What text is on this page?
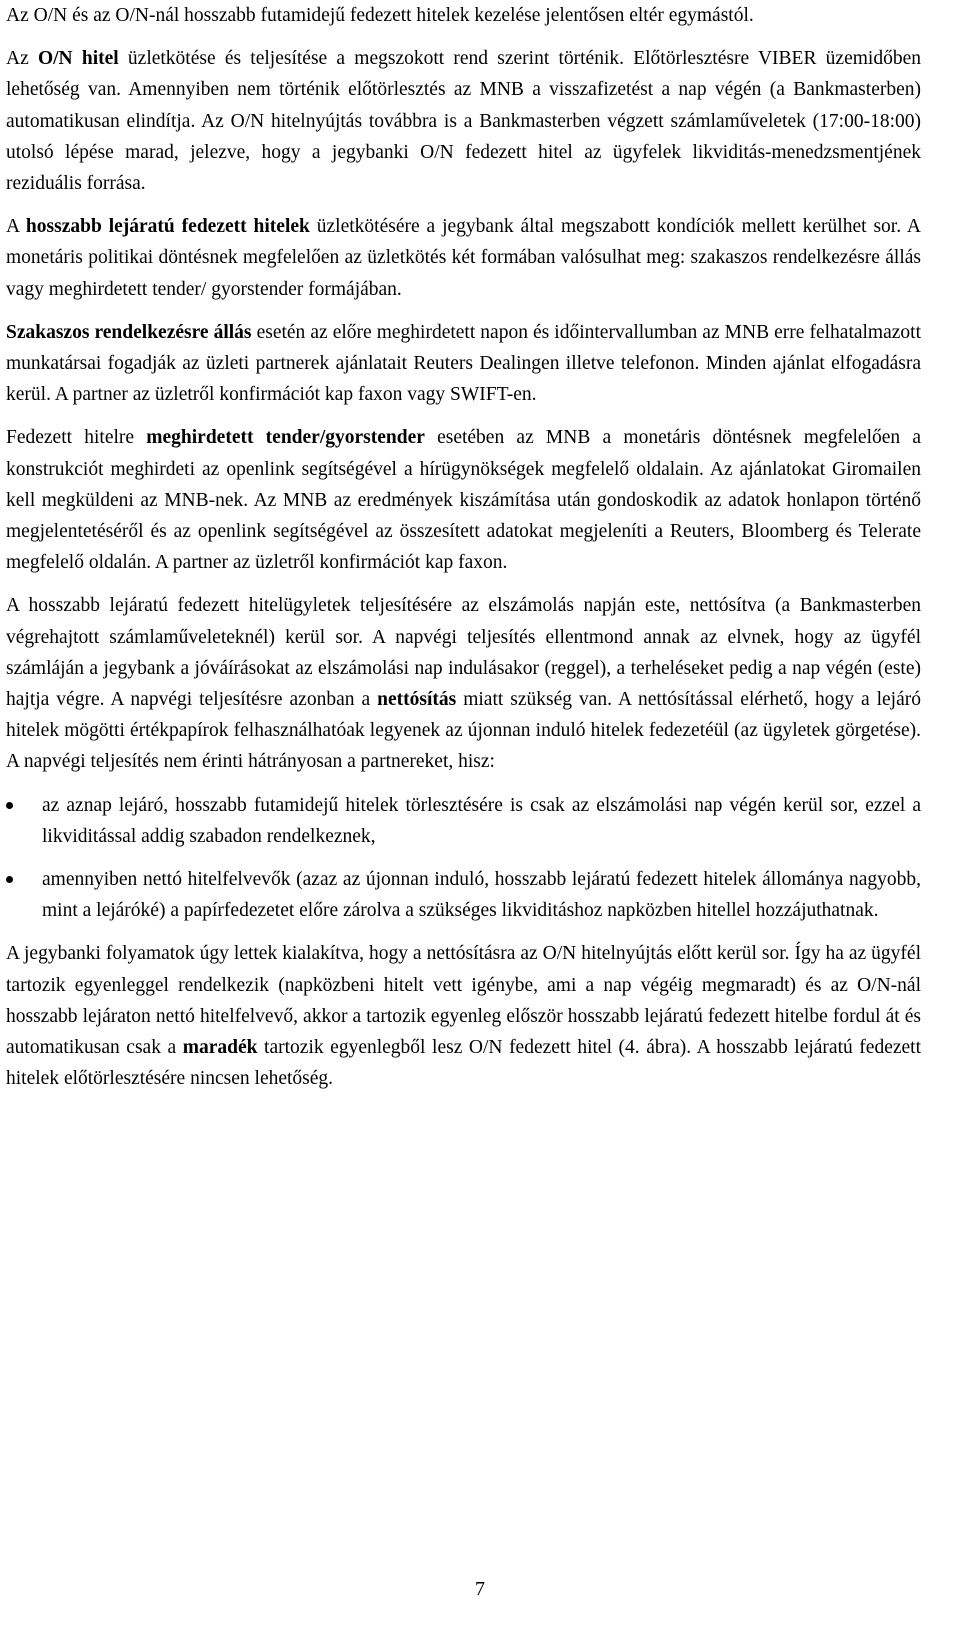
Az O/N és az O/N-nál hosszabb futamidejű fedezett hitelek kezelése jelentősen eltér egymástól.

Az O/N hitel üzletkötése és teljesítése a megszokott rend szerint történik. Előtörlesztésre VIBER üzemidőben lehetőség van. Amennyiben nem történik előtörlesztés az MNB a visszafizetést a nap végén (a Bankmasterben) automatikusan elindítja. Az O/N hitelnyújtás továbbra is a Bankmasterben végzett számlaműveletek (17:00-18:00) utolsó lépése marad, jelezve, hogy a jegybanki O/N fedezett hitel az ügyfelek likviditás-menedzsmentjének reziduális forrása.

A hosszabb lejáratú fedezett hitelek üzletkötésére a jegybank által megszabott kondíciók mellett kerülhet sor. A monetáris politikai döntésnek megfelelően az üzletkötés két formában valósulhat meg: szakaszos rendelkezésre állás vagy meghirdetett tender/ gyorstender formájában.

Szakaszos rendelkezésre állás esetén az előre meghirdetett napon és időintervallumban az MNB erre felhatalmazott munkatársai fogadják az üzleti partnerek ajánlatait Reuters Dealingen illetve telefonon. Minden ajánlat elfogadásra kerül. A partner az üzletről konfirmációt kap faxon vagy SWIFT-en.

Fedezett hitelre meghirdetett tender/gyorstender esetében az MNB a monetáris döntésnek megfelelően a konstrukciót meghirdeti az openlink segítségével a hírügynökségek megfelelő oldalain. Az ajánlatokat Giromailen kell megküldeni az MNB-nek. Az MNB az eredmények kiszámítása után gondoskodik az adatok honlapon történő megjelentetéséről és az openlink segítségével az összesített adatokat megjeleníti a Reuters, Bloomberg és Telerate megfelelő oldalán. A partner az üzletről konfirmációt kap faxon.

A hosszabb lejáratú fedezett hitelügyletek teljesítésére az elszámolás napján este, nettósítva (a Bankmasterben végrehajtott számlaműveleteknél) kerül sor. A napvégi teljesítés ellentmond annak az elvnek, hogy az ügyfél számláján a jegybank a jóváírásokat az elszámolási nap indulásakor (reggel), a terheléseket pedig a nap végén (este) hajtja végre. A napvégi teljesítésre azonban a nettósítás miatt szükség van. A nettósítással elérhető, hogy a lejáró hitelek mögötti értékpapírok felhasználhatóak legyenek az újonnan induló hitelek fedezetéül (az ügyletek görgetése). A napvégi teljesítés nem érinti hátrányosan a partnereket, hisz:

az aznap lejáró, hosszabb futamidejű hitelek törlesztésére is csak az elszámolási nap végén kerül sor, ezzel a likviditással addig szabadon rendelkeznek,
amennyiben nettó hitelfelvevők (azaz az újonnan induló, hosszabb lejáratú fedezett hitelek állománya nagyobb, mint a lejáróké) a papírfedezetet előre zárolva a szükséges likviditáshoz napközben hitellel hozzájuthatnak.

A jegybanki folyamatok úgy lettek kialakítva, hogy a nettósításra az O/N hitelnyújtás előtt kerül sor. Így ha az ügyfél tartozik egyenleggel rendelkezik (napközbeni hitelt vett igénybe, ami a nap végéig megmaradt) és az O/N-nál hosszabb lejáraton nettó hitelfelvevő, akkor a tartozik egyenleg először hosszabb lejáratú fedezett hitelbe fordul át és automatikusan csak a maradék tartozik egyenlegből lesz O/N fedezett hitel (4. ábra). A hosszabb lejáratú fedezett hitelek előtörlesztésére nincsen lehetőség.

7
